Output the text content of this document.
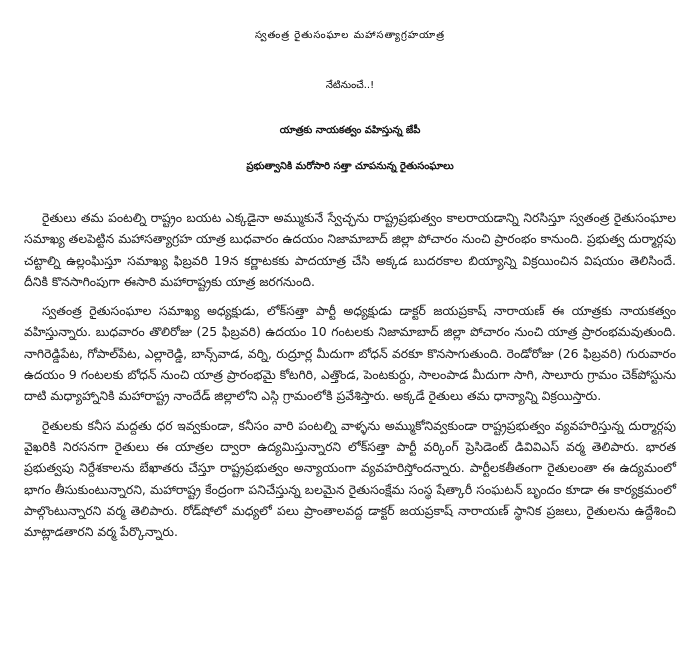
స్వతంత్ర రైతుసంఘాల మహాసత్యాగ్రహయాత్ర
నేటినుంచే..!
యాత్రకు నాయకత్వం వహిస్తున్న జేపీ
ప్రభుత్వానికి మరోసారి సత్తా చూపనున్న రైతుసంఘాలు

రైతులు తమ పంటల్ని రాష్ట్రం బయట ఎక్కడైనా అమ్ముకునే స్వేచ్ఛను రాష్ట్రప్రభుత్వం కాలరాయడాన్ని నిరసిస్తూ స్వతంత్ర రైతుసంఘాల సమాఖ్య తలపెట్టిన మహాసత్యాగ్రహ యాత్ర బుధవారం ఉదయం నిజామాబాద్ జిల్లా పోచారం నుంచి ప్రారంభం కానుంది. ప్రభుత్వ దుర్మార్గపు చట్టాల్ని ఉల్లంఘిస్తూ సమాఖ్య ఫిబ్రవరి 19న కర్ణాటకకు పాదయాత్ర చేసి అక్కడ బుదరకాల బియ్యాన్ని విక్రయించిన విషయం తెలిసిందే. దీనికి కొనసాగింపుగా ఈసారి మహారాష్ట్రకు యాత్ర జరగనుంది.

స్వతంత్ర రైతుసంఘాల సమాఖ్య అధ్యక్షుడు, లోక్‌సత్తా పార్టీ అధ్యక్షుడు డాక్టర్ జయప్రకాష్ నారాయణ్ ఈ యాత్రకు నాయకత్వం వహిస్తున్నారు. బుధవారం తొలిరోజు (25 ఫిబ్రవరి) ఉదయం 10 గంటలకు నిజామాబాద్ జిల్లా పోచారం నుంచి యాత్ర ప్రారంభమవుతుంది. నాగిరెడ్డిపేట, గోపాల్‌పేట, ఎల్లారెడ్డి, బాన్స్‌వాడ, వర్ని, రుద్రూర్ల మీదుగా బోధన్ వరకూ కొనసాగుతుంది. రెండోరోజు (26 ఫిబ్రవరి) గురువారం ఉదయం 9 గంటలకు బోధన్ నుంచి యాత్ర ప్రారంభమై కోటగిరి, ఎత్తొండ, పెంటకుర్దు, సాలంపాడ మీదుగా సాగి, సాలూరు గ్రామం చెక్‌పోస్టును దాటి మధ్యాహ్నానికి మహారాష్ట్ర నాందేడ్ జిల్లాలోని ఎస్గి గ్రామంలోకి ప్రవేశిస్తారు. అక్కడే రైతులు తమ ధాన్యాన్ని విక్రయిస్తారు.

రైతులకు కనీస మద్దతు ధర ఇవ్వకుండా, కనీసం వారి పంటల్ని వాళ్ళను అమ్ముకోనివ్వకుండా రాష్ట్రప్రభుత్వం వ్యవహరిస్తున్న దుర్మార్గపు వైఖరికి నిరసనగా రైతులు ఈ యాత్రల ద్వారా ఉద్యమిస్తున్నారని లోక్‌సత్తా పార్టీ వర్కింగ్ ప్రెసిడెంట్ డివివిఎస్ వర్మ తెలిపారు. భారత ప్రభుత్వపు నిర్దేశకాలను బేఖాతరు చేస్తూ రాష్ట్రప్రభుత్వం అన్యాయంగా వ్యవహరిస్తోందన్నారు. పార్టీలకతీతంగా రైతులంతా ఈ ఉద్యమంలో భాగం తీసుకుంటున్నారని, మహారాష్ట్ర కేంద్రంగా పనిచేస్తున్న బలమైన రైతుసంక్షేమ సంస్థ షేత్కారీ సంఘటన్ బృందం కూడా ఈ కార్యక్రమంలో పాల్గొంటున్నారని వర్మ తెలిపారు. రోడ్‌షోలో మధ్యలో పలు ప్రాంతాలవద్ద డాక్టర్ జయప్రకాష్ నారాయణ్ స్థానిక ప్రజలు, రైతులను ఉద్దేశించి మాట్లాడతారని వర్మ పేర్కొన్నారు.
